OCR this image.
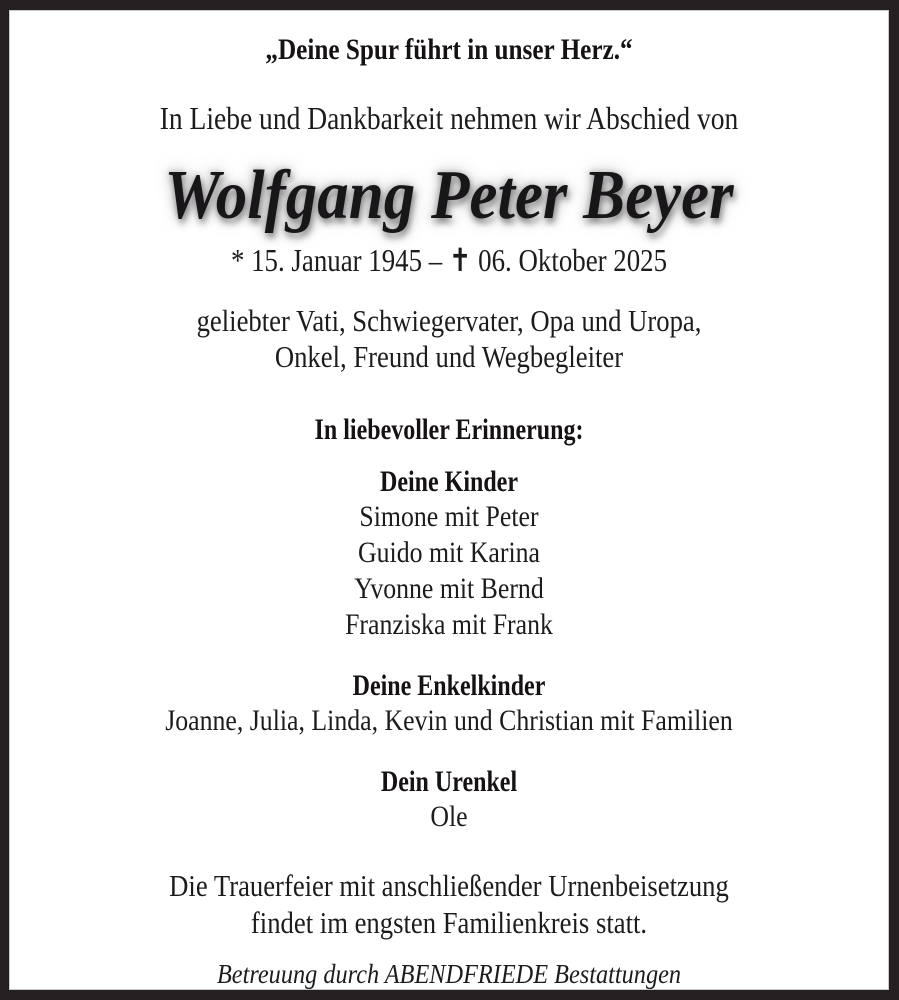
„Deine Spur führt in unser Herz.“
In Liebe und Dankbarkeit nehmen wir Abschied von
Wolfgang Peter Beyer
* 15. Januar 1945 – ✝ 06. Oktober 2025
geliebter Vati, Schwiegervater, Opa und Uropa,
Onkel, Freund und Wegbegleiter
In liebevoller Erinnerung:
Deine Kinder
Simone mit Peter
Guido mit Karina
Yvonne mit Bernd
Franziska mit Frank
Deine Enkelkinder
Joanne, Julia, Linda, Kevin und Christian mit Familien
Dein Urenkel
Ole
Die Trauerfeier mit anschließender Urnenbeisetzung
findet im engsten Familienkreis statt.
Betreuung durch ABENDFRIEDE Bestattungen
